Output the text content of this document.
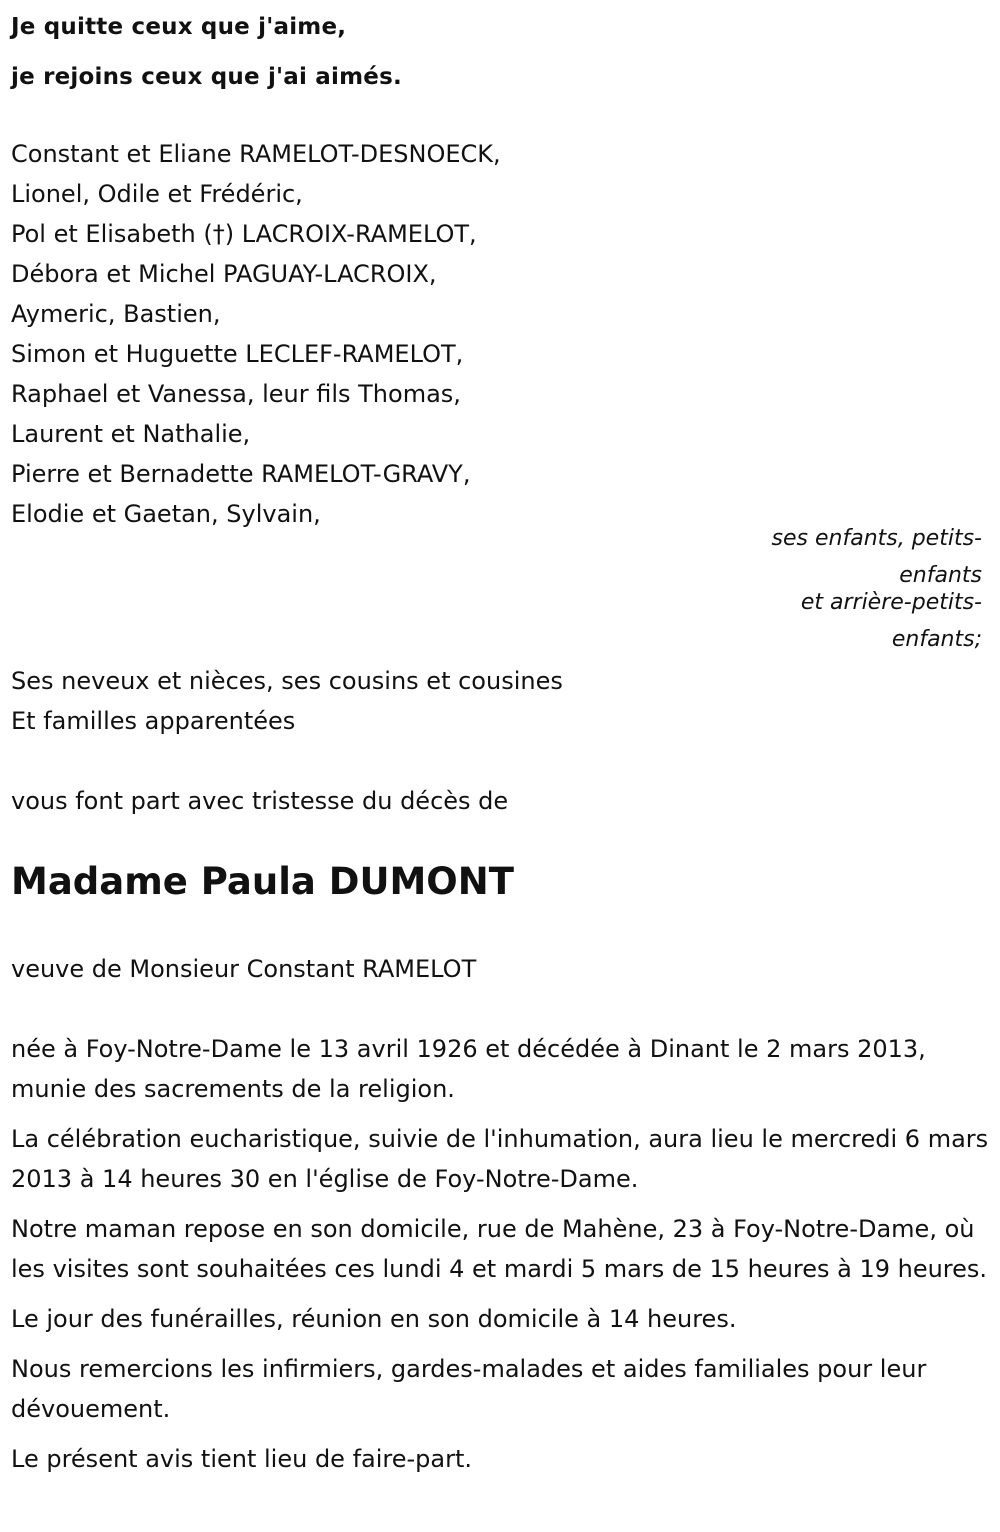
Je quitte ceux que j'aime,

je rejoins ceux que j'ai aimés.

Constant et Eliane RAMELOT-DESNOECK,
Lionel, Odile et Frédéric,
Pol et Elisabeth (†) LACROIX-RAMELOT,
Débora et Michel PAGUAY-LACROIX,
Aymeric, Bastien,
Simon et Huguette LECLEF-RAMELOT,
Raphael et Vanessa, leur fils Thomas,
Laurent et Nathalie,
Pierre et Bernadette RAMELOT-GRAVY,
Elodie et Gaetan, Sylvain,

ses enfants, petits-

enfants

et arrière-petits-

enfants;

Ses neveux et nièces, ses cousins et cousines

Et familles apparentées

vous font part avec tristesse du décès de

Madame Paula DUMONT

veuve de Monsieur Constant RAMELOT

née à Foy-Notre-Dame le 13 avril 1926 et décédée à Dinant le 2 mars 2013, munie des sacrements de la religion.

La célébration eucharistique, suivie de l'inhumation, aura lieu le mercredi 6 mars 2013 à 14 heures 30 en l'église de Foy-Notre-Dame.

Notre maman repose en son domicile, rue de Mahène, 23 à Foy-Notre-Dame, où les visites sont souhaitées ces lundi 4 et mardi 5 mars de 15 heures à 19 heures.

Le jour des funérailles, réunion en son domicile à 14 heures.

Nous remercions les infirmiers, gardes-malades et aides familiales pour leur dévouement.

Le présent avis tient lieu de faire-part.
